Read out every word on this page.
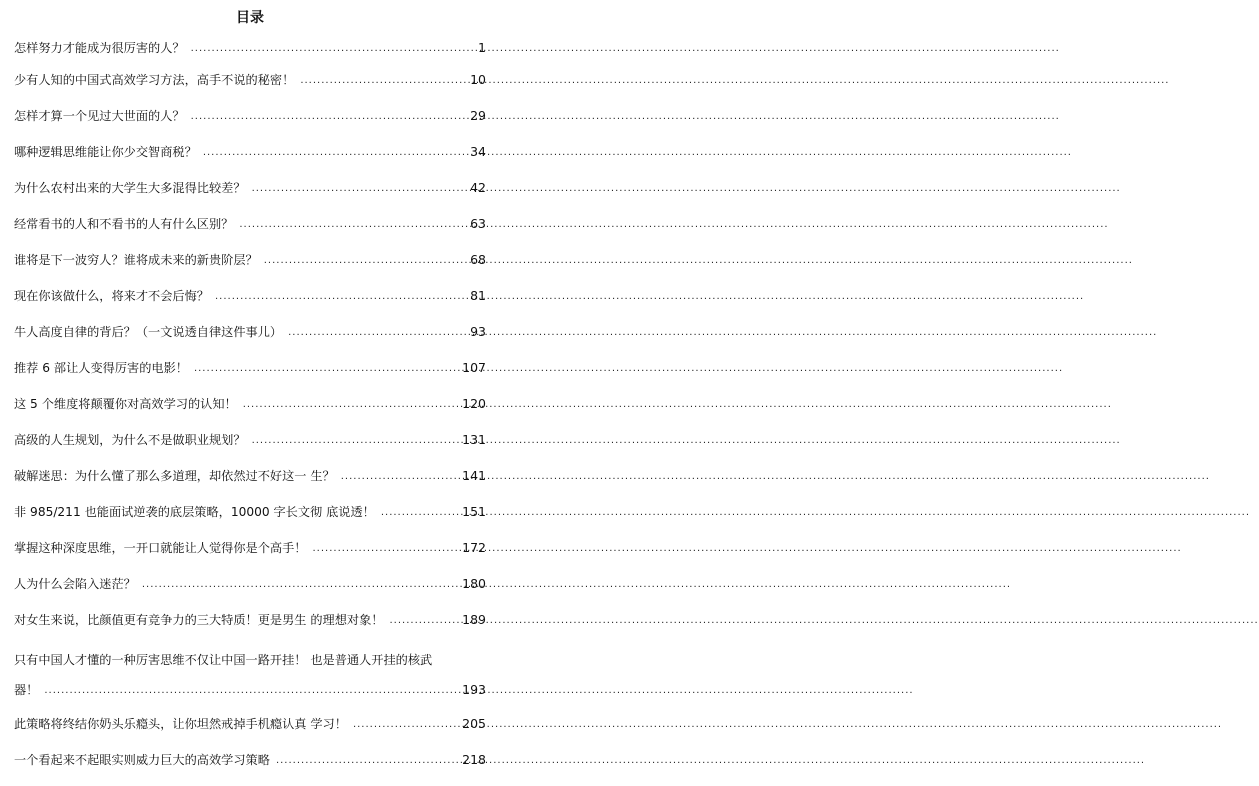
目录
怎样努力才能成为很厉害的人？ .....	1
少有人知的中国式高效学习方法，高手不说的秘密！ .....	10
怎样才算一个见过大世面的人？ .....	29
哪种逻辑思维能让你少交智商税？ .....	34
为什么农村出来的大学生大多混得比较差？ .....	42
经常看书的人和不看书的人有什么区别？ .....	63
谁将是下一波穷人？谁将成未来的新贵阶层？ .....	68
现在你该做什么，将来才不会后悔？ .....	81
牛人高度自律的背后？（一文说透自律这件事儿） .....	93
推荐 6 部让人变得厉害的电影！ .....	107
这 5 个维度将颠覆你对高效学习的认知！ .....	120
高级的人生规划，为什么不是做职业规划？ .....	131
破解迷思：为什么懂了那么多道理，却依然过不好这一 生？ .....	141
非 985/211 也能面试逆袭的底层策略，10000 字长文彻 底说透！ .....	151
掌握这种深度思维，一开口就能让人觉得你是个高手！ .....	172
人为什么会陷入迷茫？ .....	180
对女生来说，比颜值更有竞争力的三大特质！更是男生 的理想对象！ .....	189
只有中国人才懂的一种厉害思维不仅让中国一路开挂！ 也是普通人开挂的核武
器！ .....	193
此策略将终结你奶头乐瘾头，让你坦然戒掉手机瘾认真 学习！ .....	205
一个看起来不起眼实则威力巨大的高效学习策略 .....	218
